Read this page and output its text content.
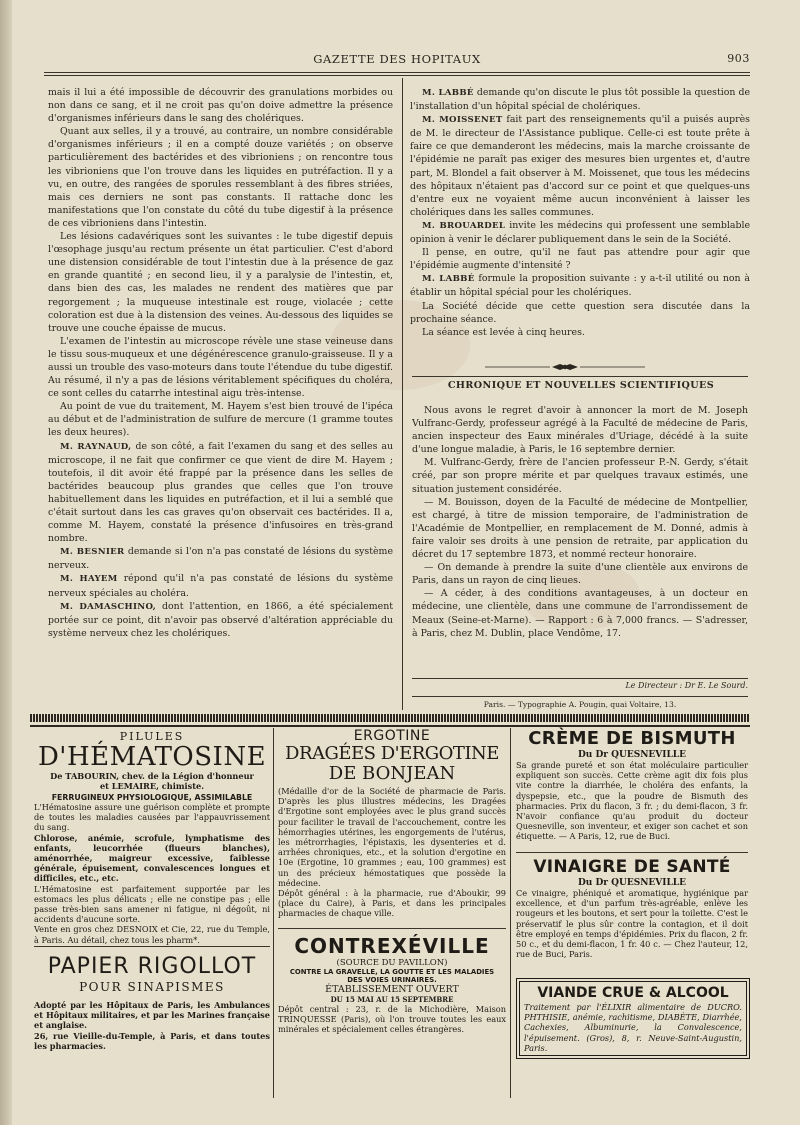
GAZETTE DES HOPITAUX	903

mais il lui a été impossible de découvrir des granulations morbides ou non dans ce sang, et il ne croit pas qu'on doive admettre la présence d'organismes inférieurs dans le sang des cholériques.

Quant aux selles, il y a trouvé, au contraire, un nombre considérable d'organismes inférieurs ; il en a compté douze variétés ; on observe particulièrement des bactérides et des vibrioniens ; on rencontre tous les vibrioniens que l'on trouve dans les liquides en putréfaction. Il y a vu, en outre, des rangées de sporules ressemblant à des fibres striées, mais ces derniers ne sont pas constants. Il rattache donc les manifestations que l'on constate du côté du tube digestif à la présence de ces vibrioniens dans l'intestin.

Les lésions cadavériques sont les suivantes : le tube digestif depuis l'œsophage jusqu'au rectum présente un état particulier. C'est d'abord une distension considérable de tout l'intestin due à la présence de gaz en grande quantité ; en second lieu, il y a paralysie de l'intestin, et, dans bien des cas, les malades ne rendent des matières que par regorgement ; la muqueuse intestinale est rouge, violacée ; cette coloration est due à la distension des veines. Au-dessous des liquides se trouve une couche épaisse de mucus.

L'examen de l'intestin au microscope révèle une stase veineuse dans le tissu sous-muqueux et une dégénérescence granulo-graisseuse. Il y a aussi un trouble des vaso-moteurs dans toute l'étendue du tube digestif. Au résumé, il n'y a pas de lésions véritablement spécifiques du choléra, ce sont celles du catarrhe intestinal aigu très-intense.

Au point de vue du traitement, M. Hayem s'est bien trouvé de l'ipéca au début et de l'administration de sulfure de mercure (1 gramme toutes les deux heures).

M. RAYNAUD, de son côté, a fait l'examen du sang et des selles au microscope, il ne fait que confirmer ce que vient de dire M. Hayem ; toutefois, il dit avoir été frappé par la présence dans les selles de bactérides beaucoup plus grandes que celles que l'on trouve habituellement dans les liquides en putréfaction, et il lui a semblé que c'était surtout dans les cas graves qu'on observait ces bactérides. Il a, comme M. Hayem, constaté la présence d'infusoires en très-grand nombre.

M. BESNIER demande si l'on n'a pas constaté de lésions du système nerveux.

M. HAYEM répond qu'il n'a pas constaté de lésions du système nerveux spéciales au choléra.

M. DAMASCHINO, dont l'attention, en 1866, a été spécialement portée sur ce point, dit n'avoir pas observé d'altération appréciable du système nerveux chez les cholériques.

M. LABBÉ demande qu'on discute le plus tôt possible la question de l'installation d'un hôpital spécial de cholériques.

M. MOISSENET fait part des renseignements qu'il a puisés auprès de M. le directeur de l'Assistance publique. Celle-ci est toute prête à faire ce que demanderont les médecins, mais la marche croissante de l'épidémie ne paraît pas exiger des mesures bien urgentes et, d'autre part, M. Blondel a fait observer à M. Moissenet, que tous les médecins des hôpitaux n'étaient pas d'accord sur ce point et que quelques-uns d'entre eux ne voyaient même aucun inconvénient à laisser les cholériques dans les salles communes.

M. BROUARDEL invite les médecins qui professent une semblable opinion à venir le déclarer publiquement dans le sein de la Société.

Il pense, en outre, qu'il ne faut pas attendre pour agir que l'épidémie augmente d'intensité ?

M. LABBÉ formule la proposition suivante : y a-t-il utilité ou non à établir un hôpital spécial pour les cholériques.

La Société décide que cette question sera discutée dans la prochaine séance.

La séance est levée à cinq heures.

CHRONIQUE ET NOUVELLES SCIENTIFIQUES

Nous avons le regret d'avoir à annoncer la mort de M. Joseph Vulfranc-Gerdy, professeur agrégé à la Faculté de médecine de Paris, ancien inspecteur des Eaux minérales d'Uriage, décédé à la suite d'une longue maladie, à Paris, le 16 septembre dernier.

M. Vulfranc-Gerdy, frère de l'ancien professeur P.-N. Gerdy, s'était créé, par son propre mérite et par quelques travaux estimés, une situation justement considérée.

— M. Bouisson, doyen de la Faculté de médecine de Montpellier, est chargé, à titre de mission temporaire, de l'administration de l'Académie de Montpellier, en remplacement de M. Donné, admis à faire valoir ses droits à une pension de retraite, par application du décret du 17 septembre 1873, et nommé recteur honoraire.

— On demande à prendre la suite d'une clientèle aux environs de Paris, dans un rayon de cinq lieues.

— A céder, à des conditions avantageuses, à un docteur en médecine, une clientèle, dans une commune de l'arrondissement de Meaux (Seine-et-Marne). — Rapport : 6 à 7,000 francs. — S'adresser, à Paris, chez M. Dublin, place Vendôme, 17.

Le Directeur : Dr E. Le Sourd.
Paris. — Typographie A. Pougin, quai Voltaire, 13.
PILULES
D'HÉMATOSINE
De TABOURIN, chev. de la Légion d'honneur
et LEMAIRE, chimiste.
FERRUGINEUX PHYSIOLOGIQUE, ASSIMILABLE
L'Hématosine assure une guérison complète et prompte de toutes les maladies causées par l'appauvrissement du sang.
Chlorose, anémie, scrofule, lymphatisme des enfants, leucorrhée (flueurs blanches), aménorrhée, maigreur excessive, faiblesse générale, épuisement, convalescences longues et difficiles, etc., etc.
L'Hématosine est parfaitement supportée par les estomacs les plus délicats ; elle ne constipe pas ; elle passe très-bien sans amener ni fatigue, ni dégoût, ni accidents d'aucune sorte.
Vente en gros chez DESNOIX et Cie, 22, rue du Temple, à Paris. Au détail, chez tous les pharm*.
PAPIER RIGOLLOT
POUR SINAPISMES
Adopté par les Hôpitaux de Paris, les Ambulances et Hôpitaux militaires, et par les Marines française et anglaise.
26, rue Vieille-du-Temple, à Paris, et dans toutes les pharmacies.
ERGOTINE
DRAGÉES D'ERGOTINE
DE BONJEAN
(Médaille d'or de la Société de pharmacie de Paris. D'après les plus illustres médecins, les Dragées d'Ergotine sont employées avec le plus grand succès pour faciliter le travail de l'accouchement, contre les hémorrhagies utérines, les engorgements de l'utérus, les métrorrhagies, l'épistaxis, les dysenteries et d. arrhées chroniques, etc., et la solution d'ergotine en 10e (Ergotine, 10 grammes ; eau, 100 grammes) est un des précieux hémostatiques que possède la médecine.
Dépôt général : à la pharmacie, rue d'Aboukir, 99 (place du Caire), à Paris, et dans les principales pharmacies de chaque ville.
CONTREXÉVILLE
(SOURCE DU PAVILLON)
CONTRE LA GRAVELLE, LA GOUTTE ET LES MALADIES
DES VOIES URINAIRES.
ÉTABLISSEMENT OUVERT
DU 15 MAI AU 15 SEPTEMBRE
Dépôt central : 23, r. de la Michodière, Maison TRINQUESSE (Paris), où l'on trouve toutes les eaux minérales et spécialement celles étrangères.
CRÈME DE BISMUTH
Du Dr QUESNEVILLE
Sa grande pureté et son état moléculaire particulier expliquent son succès. Cette crème agit dix fois plus vite contre la diarrhée, le choléra des enfants, la dyspepsie, etc., que la poudre de Bismuth des pharmacies. Prix du flacon, 3 fr. ; du demi-flacon, 3 fr. N'avoir confiance qu'au produit du docteur Quesneville, son inventeur, et exiger son cachet et son étiquette. — A Paris, 12, rue de Buci.
VINAIGRE DE SANTÉ
Du Dr QUESNEVILLE
Ce vinaigre, phéniqué et aromatique, hygiénique par excellence, et d'un parfum très-agréable, enlève les rougeurs et les boutons, et sert pour la toilette. C'est le préservatif le plus sûr contre la contagion, et il doit être employé en temps d'épidémies. Prix du flacon, 2 fr. 50 c., et du demi-flacon, 1 fr. 40 c. — Chez l'auteur, 12, rue de Buci, Paris.
VIANDE CRUE & ALCOOL
Traitement par l'ÉLIXIR alimentaire de DUCRO. PHTHISIE, anémie, rachitisme, DIABÈTE, Diarrhée, Cachexies, Albuminurie, la Convalescence, l'épuisement. (Gros), 8, r. Neuve-Saint-Augustin, Paris.
